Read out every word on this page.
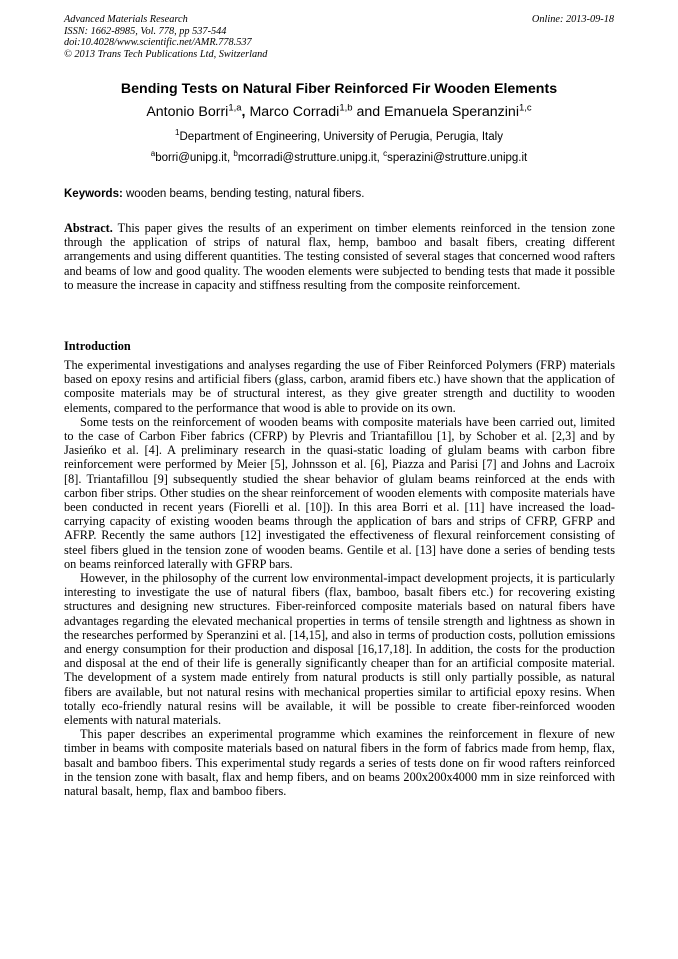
Advanced Materials Research
ISSN: 1662-8985, Vol. 778, pp 537-544
doi:10.4028/www.scientific.net/AMR.778.537
© 2013 Trans Tech Publications Ltd, Switzerland
Online: 2013-09-18
Bending Tests on Natural Fiber Reinforced Fir Wooden Elements
Antonio Borri$^{1,a}$, Marco Corradi$^{1,b}$ and Emanuela Speranzini$^{1,c}$
$^1$Department of Engineering, University of Perugia, Perugia, Italy
$^a$borri@unipg.it, $^b$mcorradi@strutture.unipg.it, $^c$sperazini@strutture.unipg.it
Keywords: wooden beams, bending testing, natural fibers.
Abstract. This paper gives the results of an experiment on timber elements reinforced in the tension zone through the application of strips of natural flax, hemp, bamboo and basalt fibers, creating different arrangements and using different quantities. The testing consisted of several stages that concerned wood rafters and beams of low and good quality. The wooden elements were subjected to bending tests that made it possible to measure the increase in capacity and stiffness resulting from the composite reinforcement.
Introduction

The experimental investigations and analyses regarding the use of Fiber Reinforced Polymers (FRP) materials based on epoxy resins and artificial fibers (glass, carbon, aramid fibers etc.) have shown that the application of composite materials may be of structural interest, as they give greater strength and ductility to wooden elements, compared to the performance that wood is able to provide on its own.

Some tests on the reinforcement of wooden beams with composite materials have been carried out, limited to the case of Carbon Fiber fabrics (CFRP) by Plevris and Triantafillou [1], by Schober et al. [2,3] and by Jasieńko et al. [4]. A preliminary research in the quasi-static loading of glulam beams with carbon fibre reinforcement were performed by Meier [5], Johnsson et al. [6], Piazza and Parisi [7] and Johns and Lacroix [8]. Triantafillou [9] subsequently studied the shear behavior of glulam beams reinforced at the ends with carbon fiber strips. Other studies on the shear reinforcement of wooden elements with composite materials have been conducted in recent years (Fiorelli et al. [10]). In this area Borri et al. [11] have increased the load-carrying capacity of existing wooden beams through the application of bars and strips of CFRP, GFRP and AFRP. Recently the same authors [12] investigated the effectiveness of flexural reinforcement consisting of steel fibers glued in the tension zone of wooden beams. Gentile et al. [13] have done a series of bending tests on beams reinforced laterally with GFRP bars.

However, in the philosophy of the current low environmental-impact development projects, it is particularly interesting to investigate the use of natural fibers (flax, bamboo, basalt fibers etc.) for recovering existing structures and designing new structures. Fiber-reinforced composite materials based on natural fibers have advantages regarding the elevated mechanical properties in terms of tensile strength and lightness as shown in the researches performed by Speranzini et al. [14,15], and also in terms of production costs, pollution emissions and energy consumption for their production and disposal [16,17,18]. In addition, the costs for the production and disposal at the end of their life is generally significantly cheaper than for an artificial composite material. The development of a system made entirely from natural products is still only partially possible, as natural fibers are available, but not natural resins with mechanical properties similar to artificial epoxy resins. When totally eco-friendly natural resins will be available, it will be possible to create fiber-reinforced wooden elements with natural materials.

This paper describes an experimental programme which examines the reinforcement in flexure of new timber in beams with composite materials based on natural fibers in the form of fabrics made from hemp, flax, basalt and bamboo fibers. This experimental study regards a series of tests done on fir wood rafters reinforced in the tension zone with basalt, flax and hemp fibers, and on beams 200x200x4000 mm in size reinforced with natural basalt, hemp, flax and bamboo fibers.
